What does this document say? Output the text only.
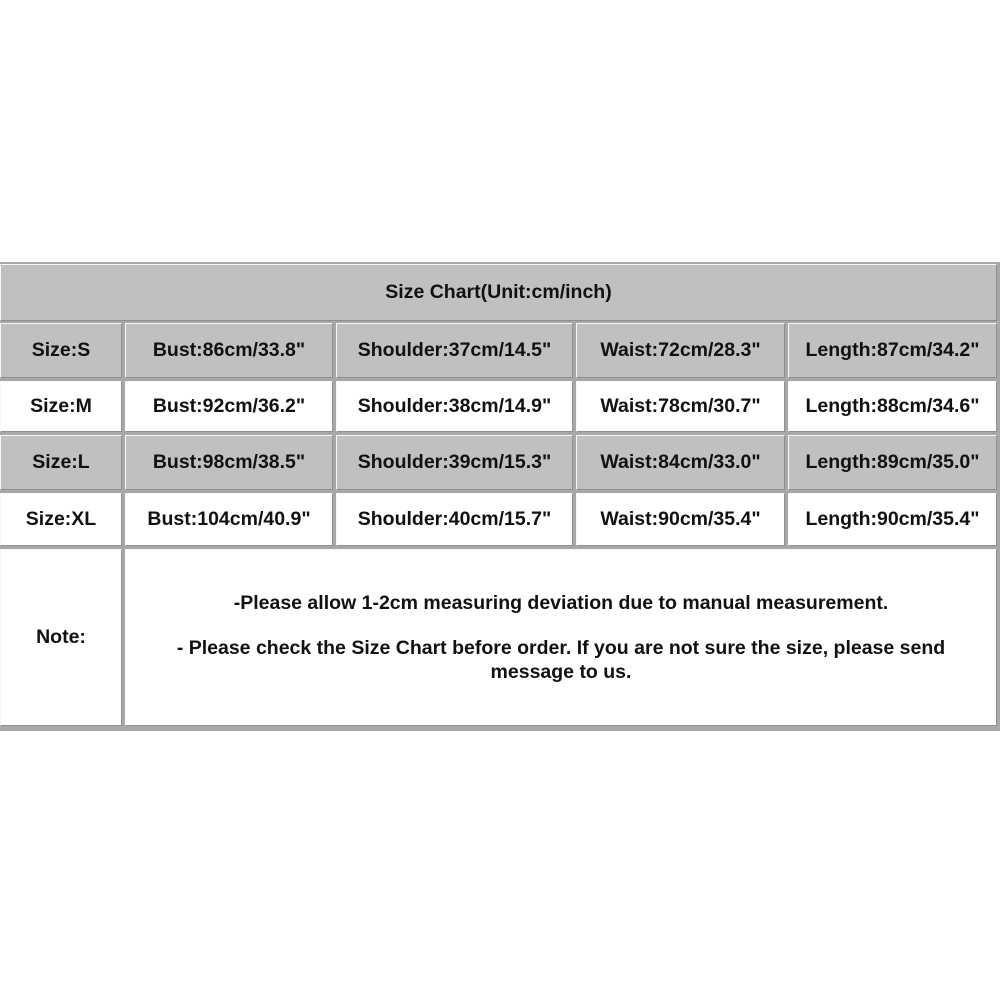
Size Chart(Unit:cm/inch)
Size:S	Bust:86cm/33.8"	Shoulder:37cm/14.5"	Waist:72cm/28.3"	Length:87cm/34.2"
Size:M	Bust:92cm/36.2"	Shoulder:38cm/14.9"	Waist:78cm/30.7"	Length:88cm/34.6"
Size:L	Bust:98cm/38.5"	Shoulder:39cm/15.3"	Waist:84cm/33.0"	Length:89cm/35.0"
Size:XL	Bust:104cm/40.9"	Shoulder:40cm/15.7"	Waist:90cm/35.4"	Length:90cm/35.4"
Note:
-Please allow 1-2cm measuring deviation due to manual measurement.
- Please check the Size Chart before order. If you are not sure the size, please send message to us.
